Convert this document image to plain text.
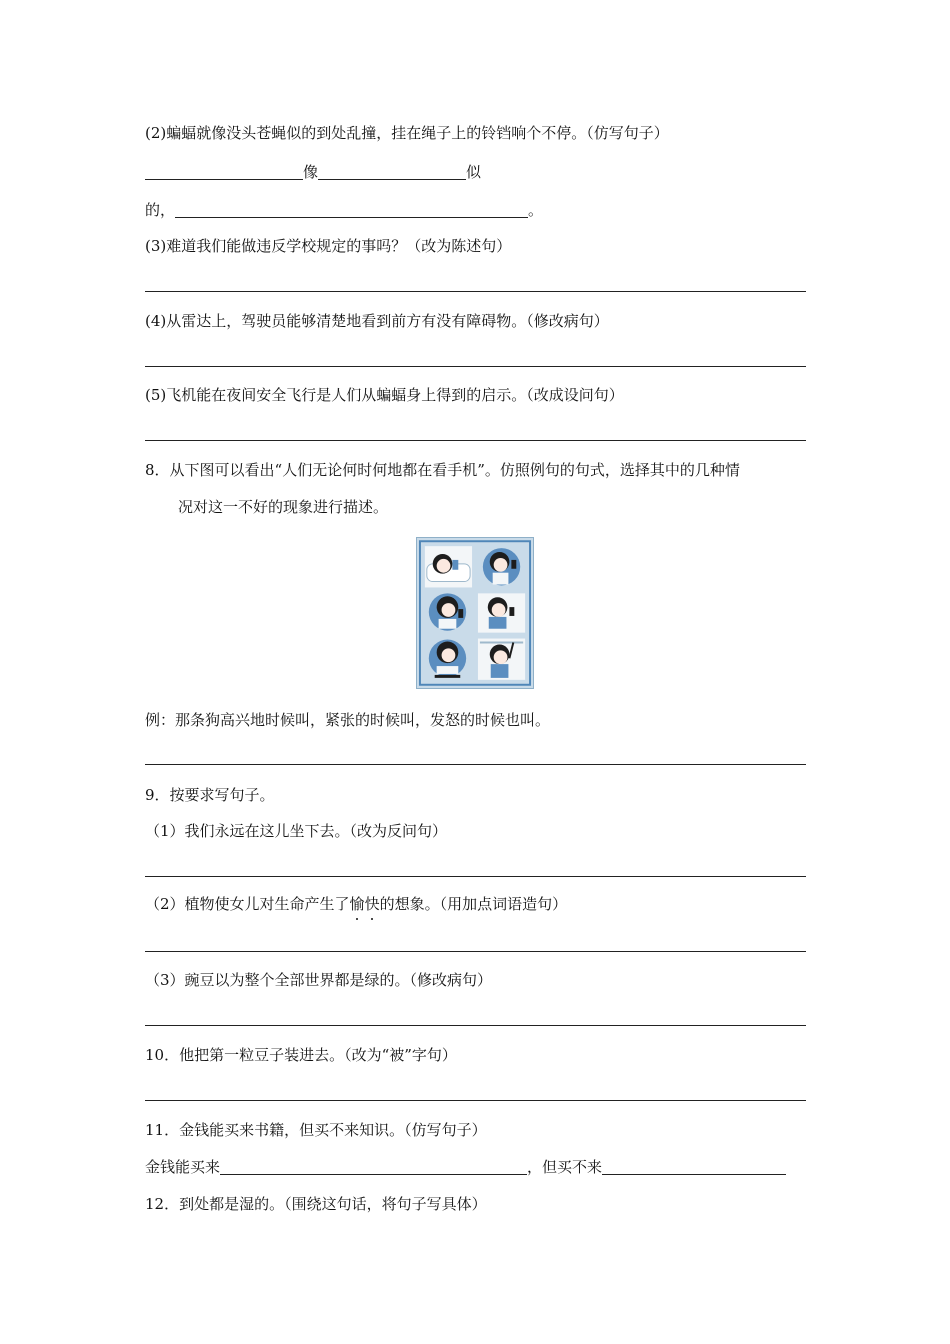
(2)蝙蝠就像没头苍蝇似的到处乱撞，挂在绳子上的铃铛响个不停。（仿写句子）
像	似
的，	。
(3)难道我们能做违反学校规定的事吗？（改为陈述句）
(4)从雷达上，驾驶员能够清楚地看到前方有没有障碍物。（修改病句）
(5)飞机能在夜间安全飞行是人们从蝙蝠身上得到的启示。（改成设问句）
8．从下图可以看出“人们无论何时何地都在看手机”。仿照例句的句式，选择其中的几种情
况对这一不好的现象进行描述。
例：那条狗高兴地时候叫，紧张的时候叫，发怒的时候也叫。
9．按要求写句子。
（1）我们永远在这儿坐下去。（改为反问句）
（2）植物使女儿对生命产生了愉快的想象。（用加点词语造句）
（3）豌豆以为整个全部世界都是绿的。（修改病句）
10．他把第一粒豆子装进去。（改为“被”字句）
11．金钱能买来书籍，但买不来知识。（仿写句子）
金钱能买来	，但买不来
12．到处都是湿的。（围绕这句话，将句子写具体）
